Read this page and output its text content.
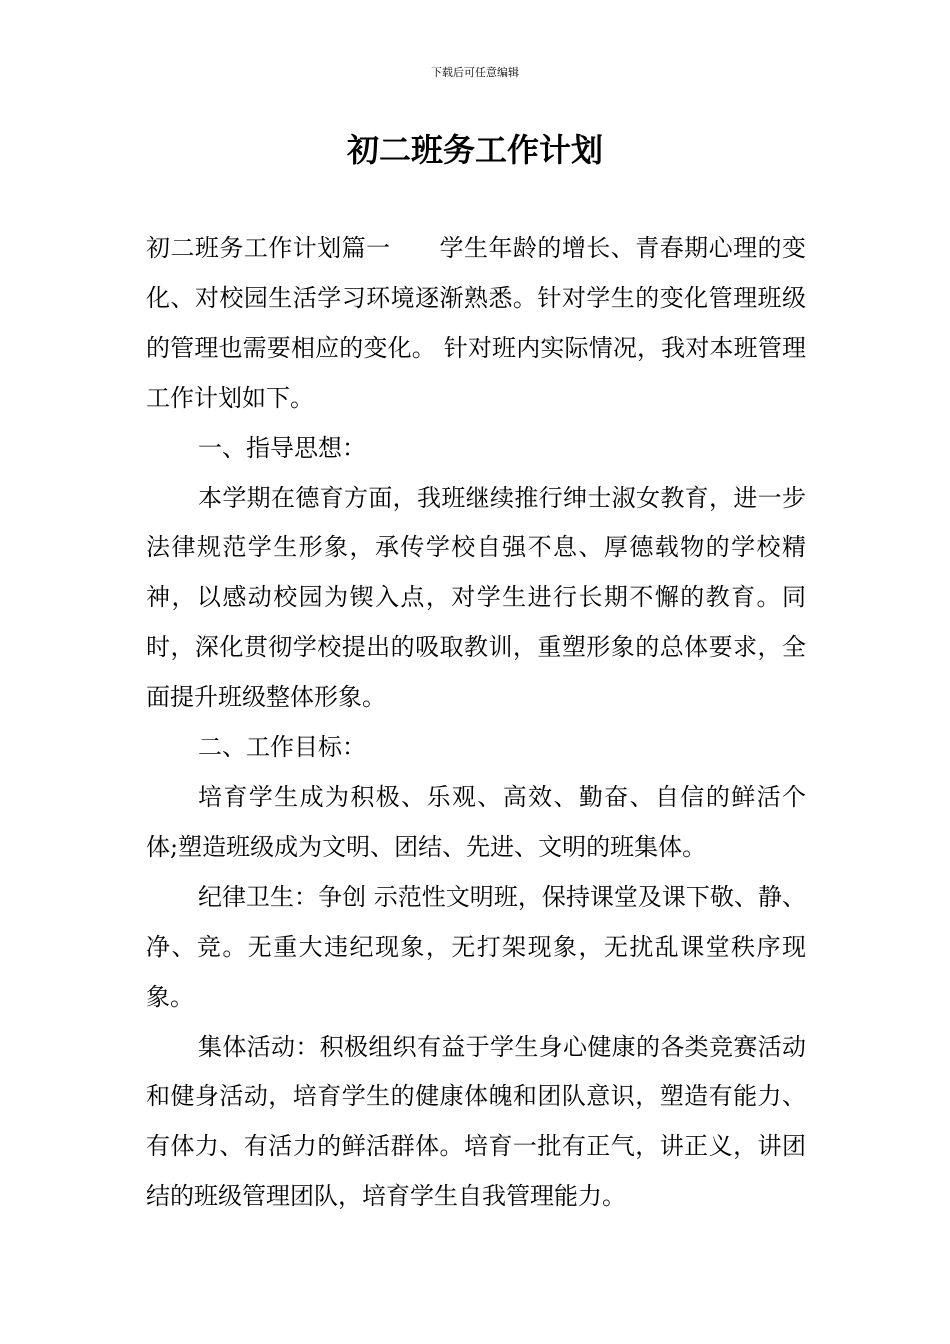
下载后可任意编辑
初二班务工作计划

初二班务工作计划篇一　　学生年龄的增长、青春期心理的变化、对校园生活学习环境逐渐熟悉。针对学生的变化管理班级的管理也需要相应的变化。 针对班内实际情况，我对本班管理工作计划如下。

一、指导思想：

本学期在德育方面，我班继续推行绅士淑女教育，进一步法律规范学生形象，承传学校自强不息、厚德载物的学校精神，以感动校园为锲入点，对学生进行长期不懈的教育。同时，深化贯彻学校提出的吸取教训，重塑形象的总体要求，全面提升班级整体形象。

二、工作目标：

培育学生成为积极、乐观、高效、勤奋、自信的鲜活个体;塑造班级成为文明、团结、先进、文明的班集体。

纪律卫生：争创 示范性文明班，保持课堂及课下敬、静、净、竞。无重大违纪现象，无打架现象，无扰乱课堂秩序现象。

集体活动：积极组织有益于学生身心健康的各类竞赛活动和健身活动，培育学生的健康体魄和团队意识，塑造有能力、有体力、有活力的鲜活群体。培育一批有正气，讲正义，讲团结的班级管理团队，培育学生自我管理能力。
